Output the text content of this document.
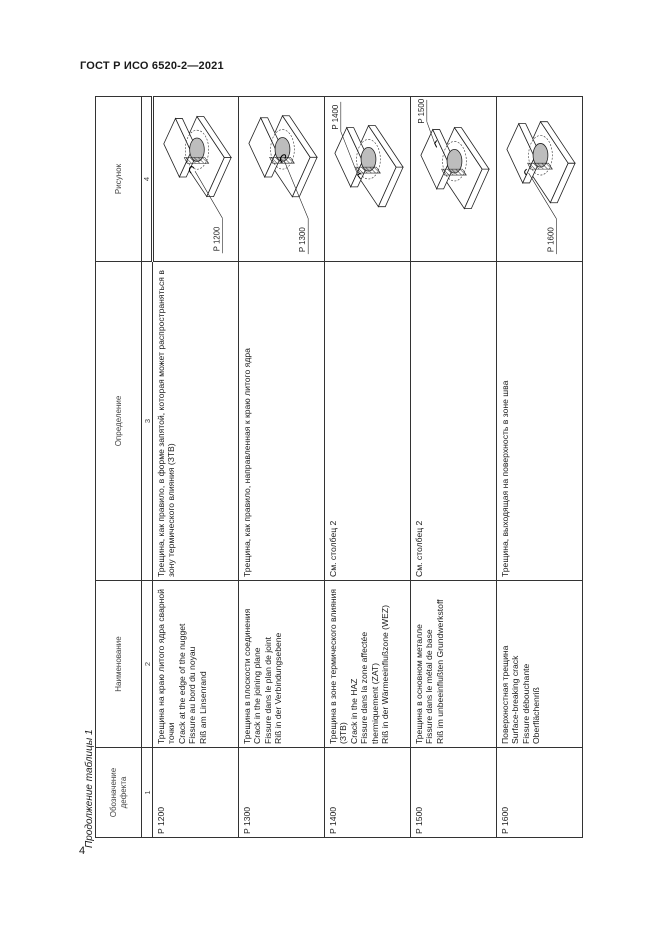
ГОСТ Р ИСО 6520-2—2021
4
Продолжение таблицы 1 Обозначение дефекта	Наименование	Определение	Рисунок
1	2	3	4
P 1200	Трещина на краю литого ядра сварной точки Crack at the edge of the nugget Fissure au bord du noyau Riß am Linsenrand	Трещина, как правило, в форме запятой, которая может распространяться в зону термического влияния (ЗТВ)	P 1200

P 1300	Трещина в плоскости соединения Crack in the joining plane Fissure dans le plan de joint Riß in der Verbindungsebene	Трещина, как правило, направленная к краю литого ядра	P 1300

P 1400	Трещина в зоне термического влияния (ЗТВ) Crack in the HAZ Fissure dans la zone affectée thermiquement (ZAT) Riß in der Wärmeeinflußzone (WEZ)	См. столбец 2	P 1400

P 1500	Трещина в основном металле Fissure dans le métal de base Riß im unbeeinflußten Grundwerkstoff	См. столбец 2	P 1500

P 1600	Поверхностная трещина Surface-breaking crack Fissure débouchante Oberflächenriß	Трещина, выходящая на поверхность в зоне шва	P 1600
